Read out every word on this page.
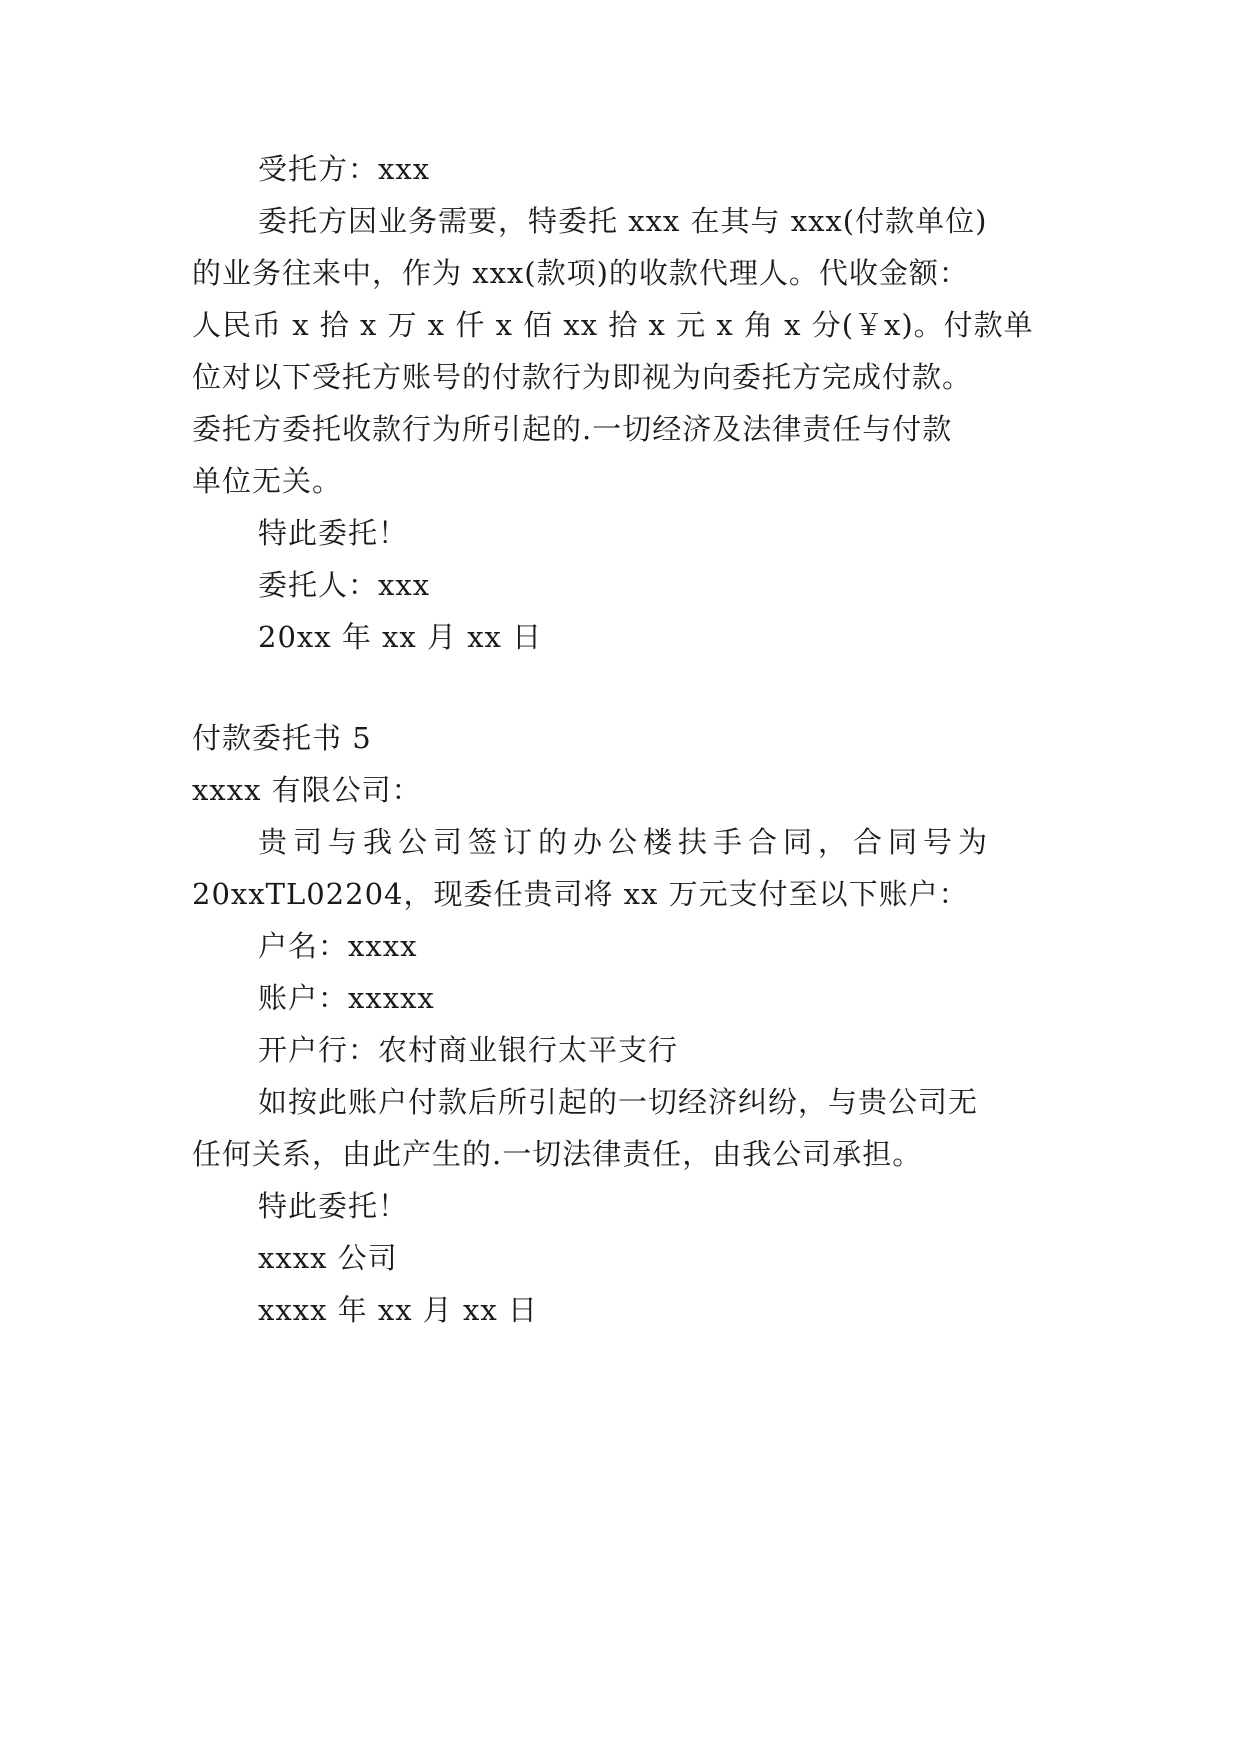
受托方：xxx
委托方因业务需要，特委托 xxx 在其与 xxx(付款单位)
的业务往来中，作为 xxx(款项)的收款代理人。代收金额：
人民币 x 拾 x 万 x 仟 x 佰 xx 拾 x 元 x 角 x 分(￥x)。付款单
位对以下受托方账号的付款行为即视为向委托方完成付款。
委托方委托收款行为所引起的.一切经济及法律责任与付款
单位无关。
特此委托！
委托人：xxx
20xx 年 xx 月 xx 日
付款委托书 5
xxxx 有限公司：
贵司与我公司签订的办公楼扶手合同，合同号为
20xxTL02204，现委任贵司将 xx 万元支付至以下账户：
户名：xxxx
账户：xxxxx
开户行：农村商业银行太平支行
如按此账户付款后所引起的一切经济纠纷，与贵公司无
任何关系，由此产生的.一切法律责任，由我公司承担。
特此委托！
xxxx 公司
xxxx 年 xx 月 xx 日
